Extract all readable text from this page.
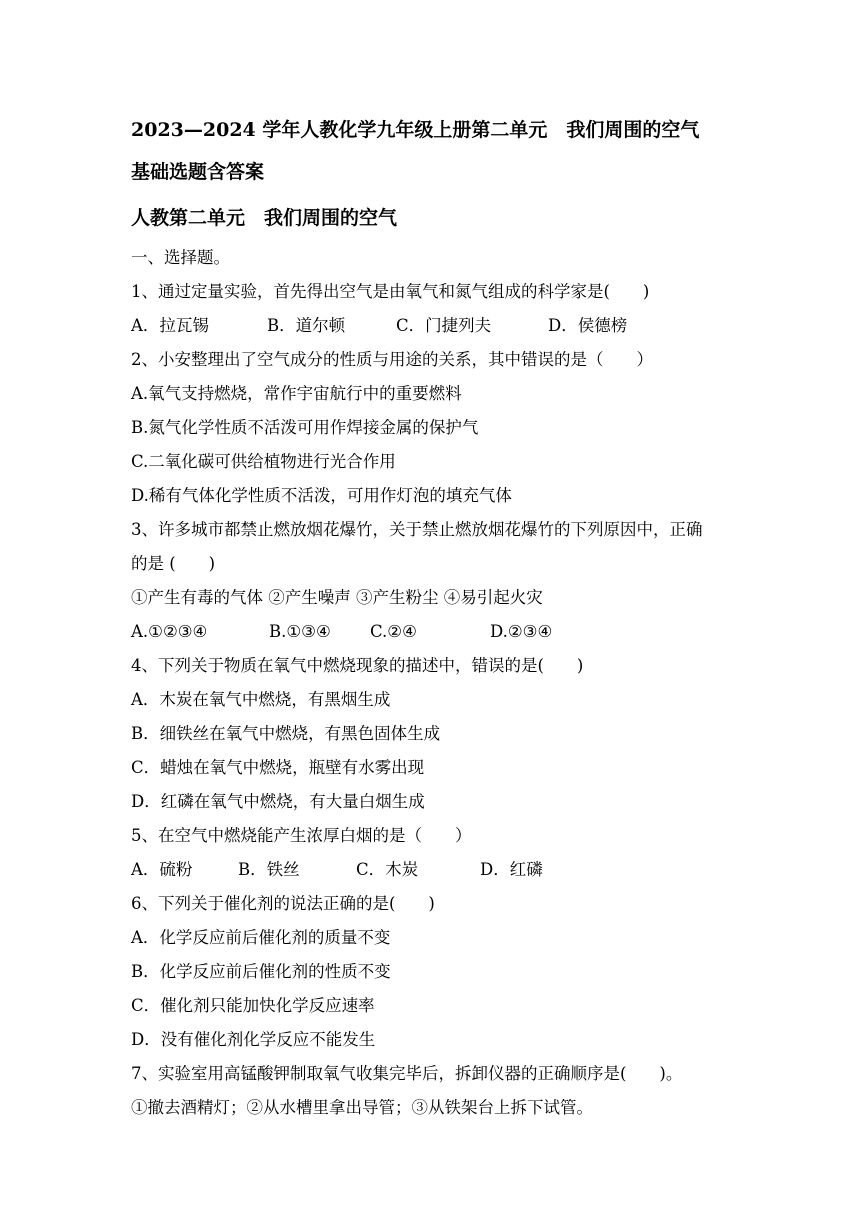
2023—2024 学年人教化学九年级上册第二单元　我们周围的空气
基础选题含答案
人教第二单元　我们周围的空气
一、选择题。
1、通过定量实验，首先得出空气是由氧气和氮气组成的科学家是(　　)

A．拉瓦锡

	B．道尔顿

	C．门捷列夫

	D．侯德榜

2、小安整理出了空气成分的性质与用途的关系，其中错误的是（　　）
A.氧气支持燃烧，常作宇宙航行中的重要燃料
B.氮气化学性质不活泼可用作焊接金属的保护气
C.二氧化碳可供给植物进行光合作用
D.稀有气体化学性质不活泼，可用作灯泡的填充气体
3、许多城市都禁止燃放烟花爆竹，关于禁止燃放烟花爆竹的下列原因中，正确
的是 (　　)
①产生有毒的气体 ②产生噪声 ③产生粉尘 ④易引起火灾

A.①②③④

	B.①③④

C.②④

	D.②③④

4、下列关于物质在氧气中燃烧现象的描述中，错误的是(　　)
A．木炭在氧气中燃烧，有黑烟生成
B．细铁丝在氧气中燃烧，有黑色固体生成
C．蜡烛在氧气中燃烧，瓶壁有水雾出现
D．红磷在氧气中燃烧，有大量白烟生成
5、在空气中燃烧能产生浓厚白烟的是（　　）

A．硫粉

	B．铁丝

	C．木炭

	D．红磷

6、下列关于催化剂的说法正确的是(　　)
A．化学反应前后催化剂的质量不变
B．化学反应前后催化剂的性质不变
C．催化剂只能加快化学反应速率
D．没有催化剂化学反应不能发生
7、实验室用高锰酸钾制取氧气收集完毕后，拆卸仪器的正确顺序是(　　)。
①撤去酒精灯；②从水槽里拿出导管；③从铁架台上拆下试管。
